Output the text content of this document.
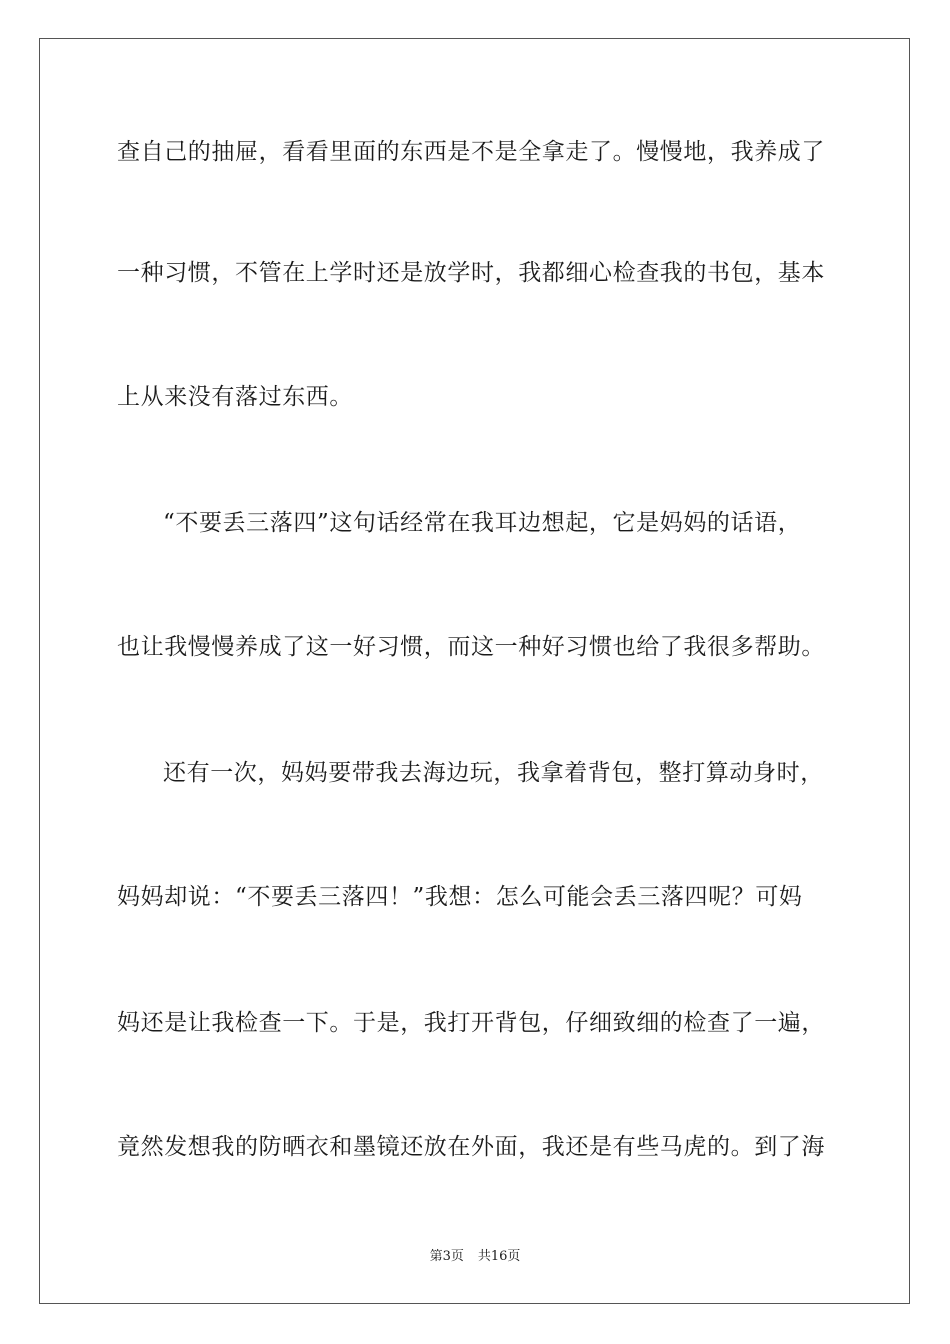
查自己的抽屉，看看里面的东西是不是全拿走了。慢慢地，我养成了
一种习惯，不管在上学时还是放学时，我都细心检查我的书包，基本
上从来没有落过东西。
“不要丢三落四”这句话经常在我耳边想起，它是妈妈的话语，
也让我慢慢养成了这一好习惯，而这一种好习惯也给了我很多帮助。
还有一次，妈妈要带我去海边玩，我拿着背包，整打算动身时，
妈妈却说：“不要丢三落四！”我想：怎么可能会丢三落四呢？可妈
妈还是让我检查一下。于是，我打开背包，仔细致细的检查了一遍，
竟然发想我的防晒衣和墨镜还放在外面，我还是有些马虎的。到了海
第3页 共16页
